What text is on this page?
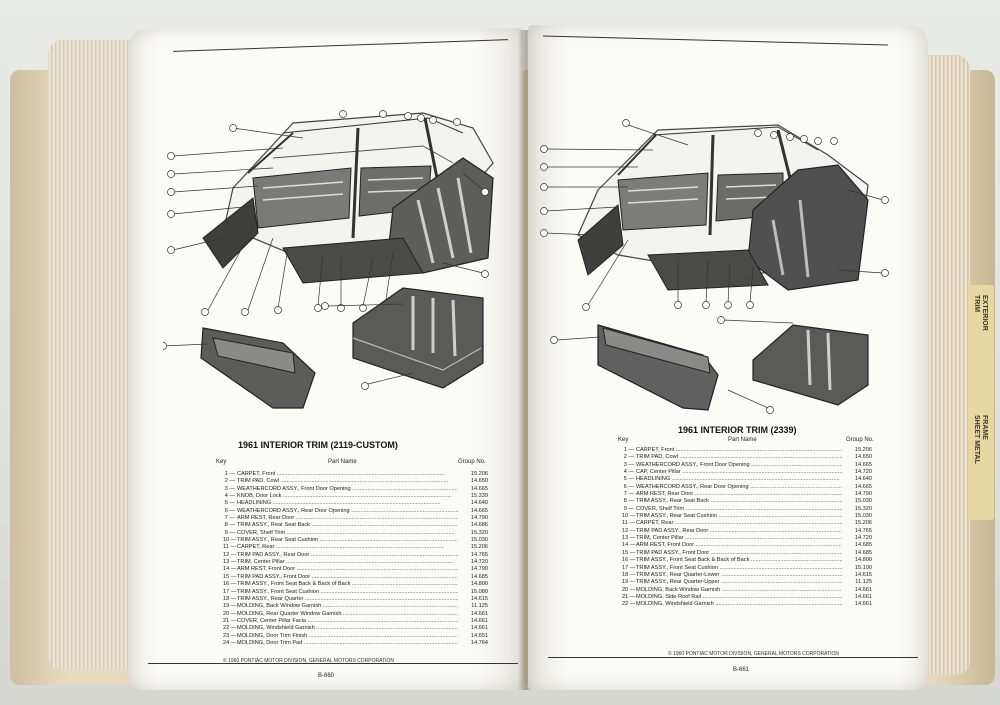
EXTERIOR
TRIM
FRAME
SHEET METAL
1961 INTERIOR TRIM (2119-CUSTOM)
Key	Part Name	Group No.
1 — CARPET, Front .....	15.206
2 — TRIM PAD, Cowl .....	14.650
3 — WEATHERCORD ASSY., Front Door Opening .....	14.665
4 — KNOB, Door Lock .....	15.339
5 — HEADLINING .....	14.640
6 — WEATHERCORD ASSY., Rear Door Opening .....	14.665
7 — ARM REST, Rear Door .....	14.790
8 — TRIM ASSY., Rear Seat Back .....	14.686
9 — COVER, Shelf Trim .....	15.320
10 — TRIM ASSY., Rear Seat Cushion .....	15.030
11 — CARPET, Rear .....	15.206
12 — TRIM PAD ASSY., Rear Door .....	14.765
13 — TRIM, Center Pillar .....	14.720
14 — ARM REST, Front Door .....	14.790
15 — TRIM PAD ASSY., Front Door .....	14.685
16 — TRIM ASSY., Front Seat Back & Back of Back .....	14.800
17 — TRIM ASSY., Front Seat Cushion .....	15.080
18 — TRIM ASSY., Rear Quarter .....	14.615
19 — MOLDING, Back Window Garnish .....	11.125
20 — MOLDING, Rear Quarter Window Garnish .....	14.661
21 — COVER, Center Pillar Facia .....	14.661
22 — MOLDING, Windshield Garnish .....	14.661
23 — MOLDING, Door Trim Finish .....	14.651
24 — MOLDING, Door Trim Pad .....	14.764
© 1960 PONTIAC MOTOR DIVISION, GENERAL MOTORS CORPORATION
B-660
1961 INTERIOR TRIM (2339)
Key	Part Name	Group No.
1 — CARPET, Front .....	15.206
2 — TRIM PAD, Cowl .....	14.650
3 — WEATHERCORD ASSY., Front Door Opening .....	14.665
4 — CAP, Center Pillar .....	14.720
5 — HEADLINING .....	14.640
6 — WEATHERCORD ASSY., Rear Door Opening .....	14.665
7 — ARM REST, Rear Door .....	14.790
8 — TRIM ASSY., Rear Seat Back .....	15.030
9 — COVER, Shelf Trim .....	15.320
10 — TRIM ASSY., Rear Seat Cushion .....	15.030
11 — CARPET, Rear .....	15.206
12 — TRIM PAD ASSY., Rear Door .....	14.765
13 — TRIM, Center Pillar .....	14.720
14 — ARM REST, Front Door .....	14.685
15 — TRIM PAD ASSY., Front Door .....	14.685
16 — TRIM ASSY., Front Seat Back & Back of Back .....	14.800
17 — TRIM ASSY., Front Seat Cushion .....	15.100
18 — TRIM ASSY., Rear Quarter-Lower .....	14.615
19 — TRIM ASSY., Rear Quarter-Upper .....	11.125
20 — MOLDING, Back Window Garnish .....	14.661
21 — MOLDING, Side Roof Rail .....	14.661
22 — MOLDING, Windshield Garnish .....	14.661
© 1960 PONTIAC MOTOR DIVISION, GENERAL MOTORS CORPORATION
B-661
